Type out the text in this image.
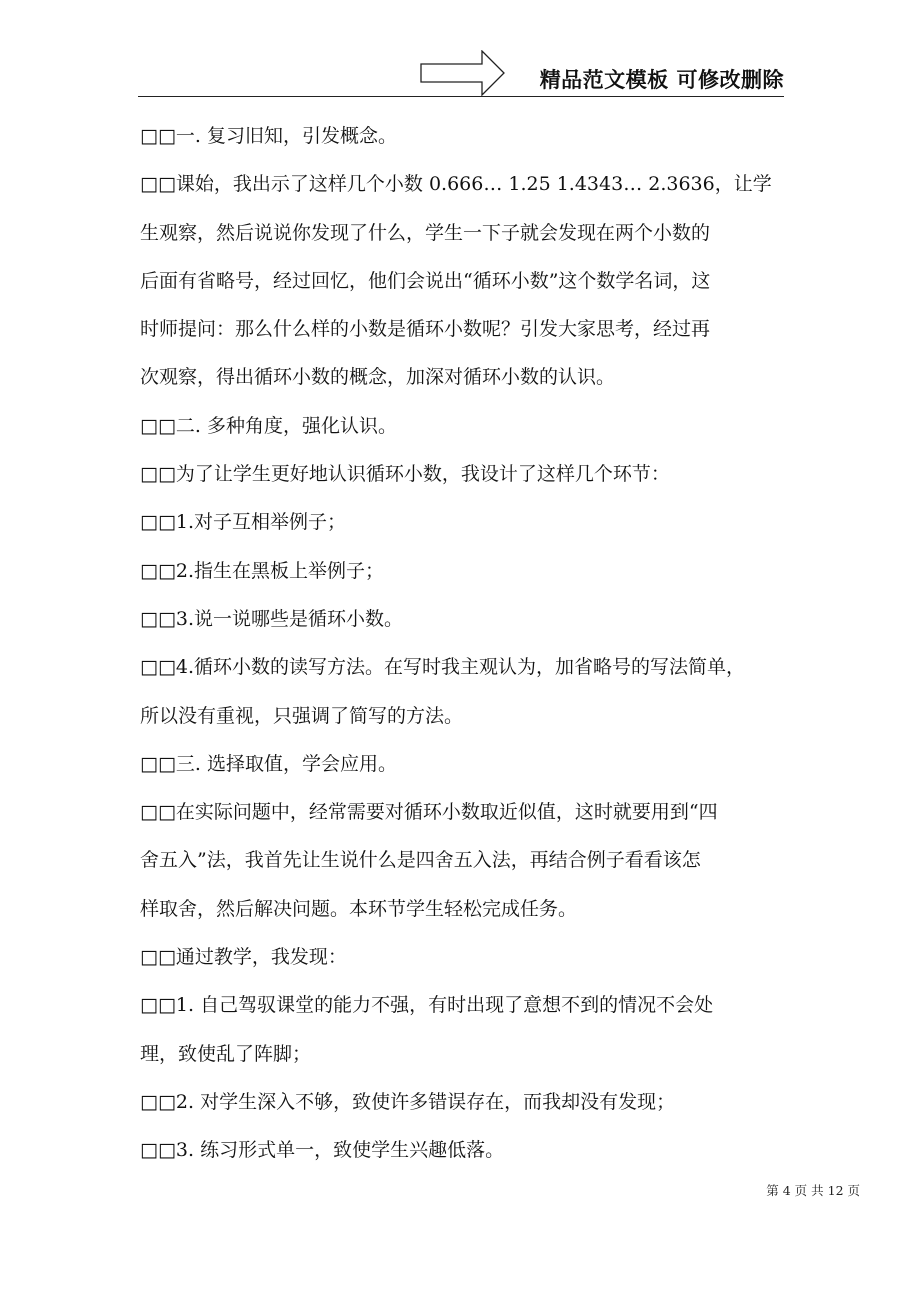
精品范文模板 可修改删除

□□一. 复习旧知，引发概念。

□□课始，我出示了这样几个小数 0.666… 1.25 1.4343… 2.3636，让学

生观察，然后说说你发现了什么，学生一下子就会发现在两个小数的

后面有省略号，经过回忆，他们会说出“循环小数”这个数学名词，这

时师提问：那么什么样的小数是循环小数呢？引发大家思考，经过再

次观察，得出循环小数的概念，加深对循环小数的认识。

□□二. 多种角度，强化认识。

□□为了让学生更好地认识循环小数，我设计了这样几个环节：

□□1.对子互相举例子；

□□2.指生在黑板上举例子；

□□3.说一说哪些是循环小数。

□□4.循环小数的读写方法。在写时我主观认为，加省略号的写法简单，

所以没有重视，只强调了简写的方法。

□□三. 选择取值，学会应用。

□□在实际问题中，经常需要对循环小数取近似值，这时就要用到“四

舍五入”法，我首先让生说什么是四舍五入法，再结合例子看看该怎

样取舍，然后解决问题。本环节学生轻松完成任务。

□□通过教学，我发现：

□□1. 自己驾驭课堂的能力不强，有时出现了意想不到的情况不会处

理，致使乱了阵脚；

□□2. 对学生深入不够，致使许多错误存在，而我却没有发现；

□□3. 练习形式单一，致使学生兴趣低落。

第 4 页 共 12 页
